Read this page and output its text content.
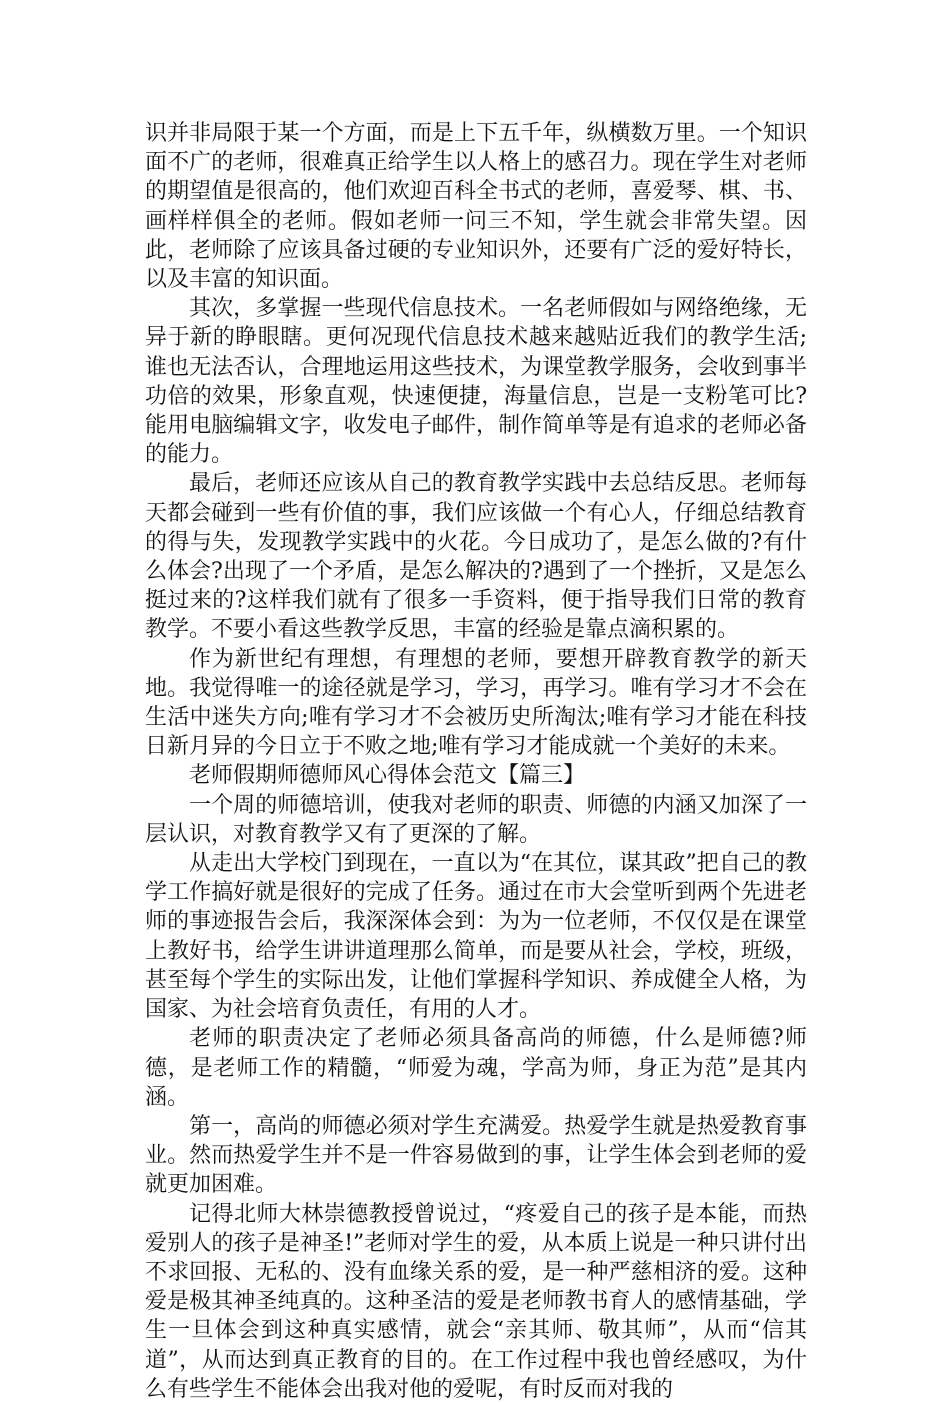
识并非局限于某一个方面，而是上下五千年，纵横数万里。一个知识面不广的老师，很难真正给学生以人格上的感召力。现在学生对老师的期望值是很高的，他们欢迎百科全书式的老师，喜爱琴、棋、书、画样样俱全的老师。假如老师一问三不知，学生就会非常失望。因此，老师除了应该具备过硬的专业知识外，还要有广泛的爱好特长，以及丰富的知识面。

其次，多掌握一些现代信息技术。一名老师假如与网络绝缘，无异于新的睁眼瞎。更何况现代信息技术越来越贴近我们的教学生活;谁也无法否认，合理地运用这些技术，为课堂教学服务，会收到事半功倍的效果，形象直观，快速便捷，海量信息，岂是一支粉笔可比?能用电脑编辑文字，收发电子邮件，制作简单等是有追求的老师必备的能力。

最后，老师还应该从自己的教育教学实践中去总结反思。老师每天都会碰到一些有价值的事，我们应该做一个有心人，仔细总结教育的得与失，发现教学实践中的火花。今日成功了，是怎么做的?有什么体会?出现了一个矛盾，是怎么解决的?遇到了一个挫折，又是怎么挺过来的?这样我们就有了很多一手资料，便于指导我们日常的教育教学。不要小看这些教学反思，丰富的经验是靠点滴积累的。

作为新世纪有理想，有理想的老师，要想开辟教育教学的新天地。我觉得唯一的途径就是学习，学习，再学习。唯有学习才不会在生活中迷失方向;唯有学习才不会被历史所淘汰;唯有学习才能在科技日新月异的今日立于不败之地;唯有学习才能成就一个美好的未来。

老师假期师德师风心得体会范文【篇三】

一个周的师德培训，使我对老师的职责、师德的内涵又加深了一层认识，对教育教学又有了更深的了解。

从走出大学校门到现在，一直以为“在其位，谋其政”把自己的教学工作搞好就是很好的完成了任务。通过在市大会堂听到两个先进老师的事迹报告会后，我深深体会到：为为一位老师，不仅仅是在课堂上教好书，给学生讲讲道理那么简单，而是要从社会，学校，班级，甚至每个学生的实际出发，让他们掌握科学知识、养成健全人格，为国家、为社会培育负责任，有用的人才。

老师的职责决定了老师必须具备高尚的师德，什么是师德?师德，是老师工作的精髓，“师爱为魂，学高为师，身正为范”是其内涵。

第一，高尚的师德必须对学生充满爱。热爱学生就是热爱教育事业。然而热爱学生并不是一件容易做到的事，让学生体会到老师的爱就更加困难。

记得北师大林崇德教授曾说过，“疼爱自己的孩子是本能，而热爱别人的孩子是神圣!”老师对学生的爱，从本质上说是一种只讲付出不求回报、无私的、没有血缘关系的爱，是一种严慈相济的爱。这种爱是极其神圣纯真的。这种圣洁的爱是老师教书育人的感情基础，学生一旦体会到这种真实感情，就会“亲其师、敬其师”，从而“信其道”，从而达到真正教育的目的。在工作过程中我也曾经感叹，为什么有些学生不能体会出我对他的爱呢，有时反而对我的
